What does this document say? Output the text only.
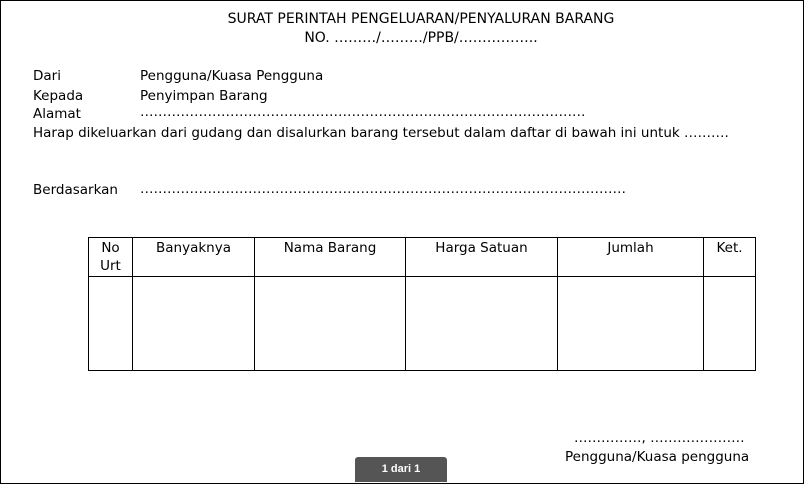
SURAT PERINTAH PENGELUARAN/PENYALURAN BARANG
NO. ………/………/PPB/……………..
Dari	Pengguna/Kuasa Pengguna
Kepada	Penyimpan Barang
Alamat	………………………………………………………………………………………
Harap dikeluarkan dari gudang dan disalurkan barang tersebut dalam daftar di bawah ini untuk ……….
Berdasarkan ………………………………………………………………………………………………
No Urt	Banyaknya	Nama Barang	Harga Satuan	Jumlah	Ket.

……………, …………………
Pengguna/Kuasa pengguna
1 dari 1
